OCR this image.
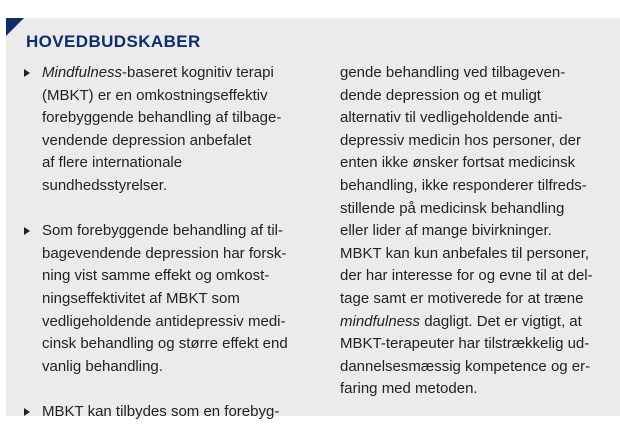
HOVEDBUDSKABER
Mindfulness-baseret kognitiv terapi
(MBKT) er en omkostningseffektiv
forebyggende behandling af tilbage-
vendende depression anbefalet
af flere internationale
sundhedsstyrelser.
Som forebyggende behandling af til-
bagevendende depression har forsk-
ning vist samme effekt og omkost-
ningseffektivitet af MBKT som
vedligeholdende antidepressiv medi-
cinsk behandling og større effekt end
vanlig behandling.
MBKT kan tilbydes som en forebyg-
gende behandling ved tilbageven-
dende depression og et muligt
alternativ til vedligeholdende anti-
depressiv medicin hos personer, der
enten ikke ønsker fortsat medicinsk
behandling, ikke responderer tilfreds-
stillende på medicinsk behandling
eller lider af mange bivirkninger.
MBKT kan kun anbefales til personer,
der har interesse for og evne til at del-
tage samt er motiverede for at træne
mindfulness dagligt. Det er vigtigt, at
MBKT-terapeuter har tilstrækkelig ud-
dannelsesmæssig kompetence og er-
faring med metoden.
